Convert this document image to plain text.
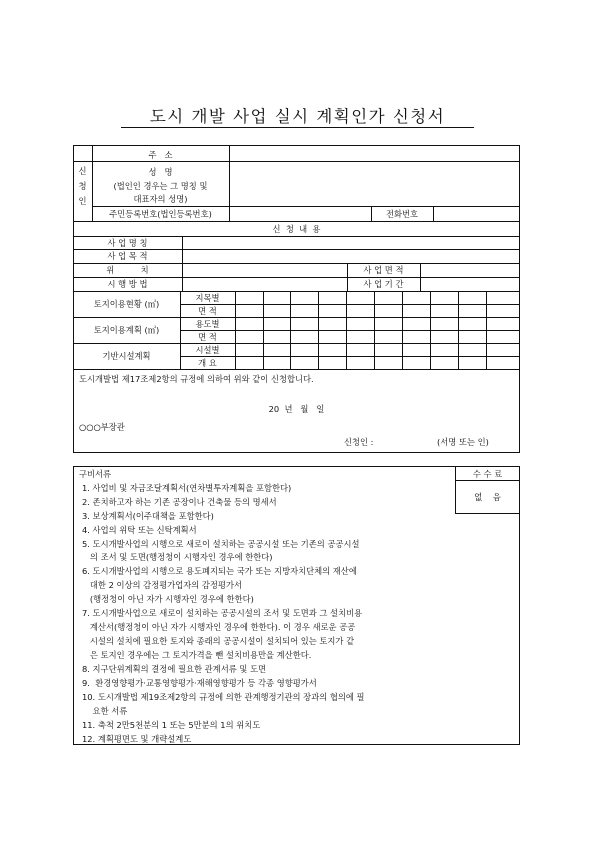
도시 개발 사업 실시 계획인가 신청서
신
청
인
주   소
성   명
(법인인 경우는 그 명칭 및
대표자의 성명)
주민등록번호(법인등록번호)	전화번호
신  청  내  용
사 업 명 칭
사 업 목 적
위          치	사 업 면 적
시 행 방 법	사 업 기 간
토지이용현황 (㎡)
지목별
면 적
토지이용계획 (㎡)
용도별
면 적
기반시설계획
시설별
개 요
도시개발법 제17조제2항의 규정에 의하여 위와 같이 신청합니다.
20  년   월   일
○○○부장관
신청인 :	(서명 또는 인)
구비서류	수 수 료
없    음
1. 사업비 및 자금조달계획서(연차별투자계획을 포함한다)
2. 존치하고자 하는 기존 공장이나 건축물 등의 명세서
3. 보상계획서(이주대책을 포함한다)
4. 사업의 위탁 또는 신탁계획서
5. 도시개발사업의 시행으로 새로이 설치하는 공공시설 또는 기존의 공공시설
의 조서 및 도면(행정청이 시행자인 경우에 한한다)
6. 도시개발사업의 시행으로 용도폐지되는 국가 또는 지방자치단체의 재산에
대한 2 이상의 감정평가업자의 감정평가서
(행정청이 아닌 자가 시행자인 경우에 한한다)
7. 도시개발사업으로 새로이 설치하는 공공시설의 조서 및 도면과 그 설치비용
계산서(행정청이 아닌 자가 시행자인 경우에 한한다). 이 경우 새로운 공공
시설의 설치에 필요한 토지와 종래의 공공시설이 설치되어 있는 토지가 같
은 토지인 경우에는 그 토지가격을 뺀 설치비용만을 계산한다.
8. 지구단위계획의 결정에 필요한 관계서류 및 도면
9.  환경영향평가·교통영향평가·재해영향평가 등 각종 영향평가서
10. 도시개발법 제19조제2항의 규정에 의한 관계행정기관의 장과의 협의에 필
요한 서류
11. 축척 2만5천분의 1 또는 5만분의 1의 위치도
12. 계획평면도 및 개략설계도
